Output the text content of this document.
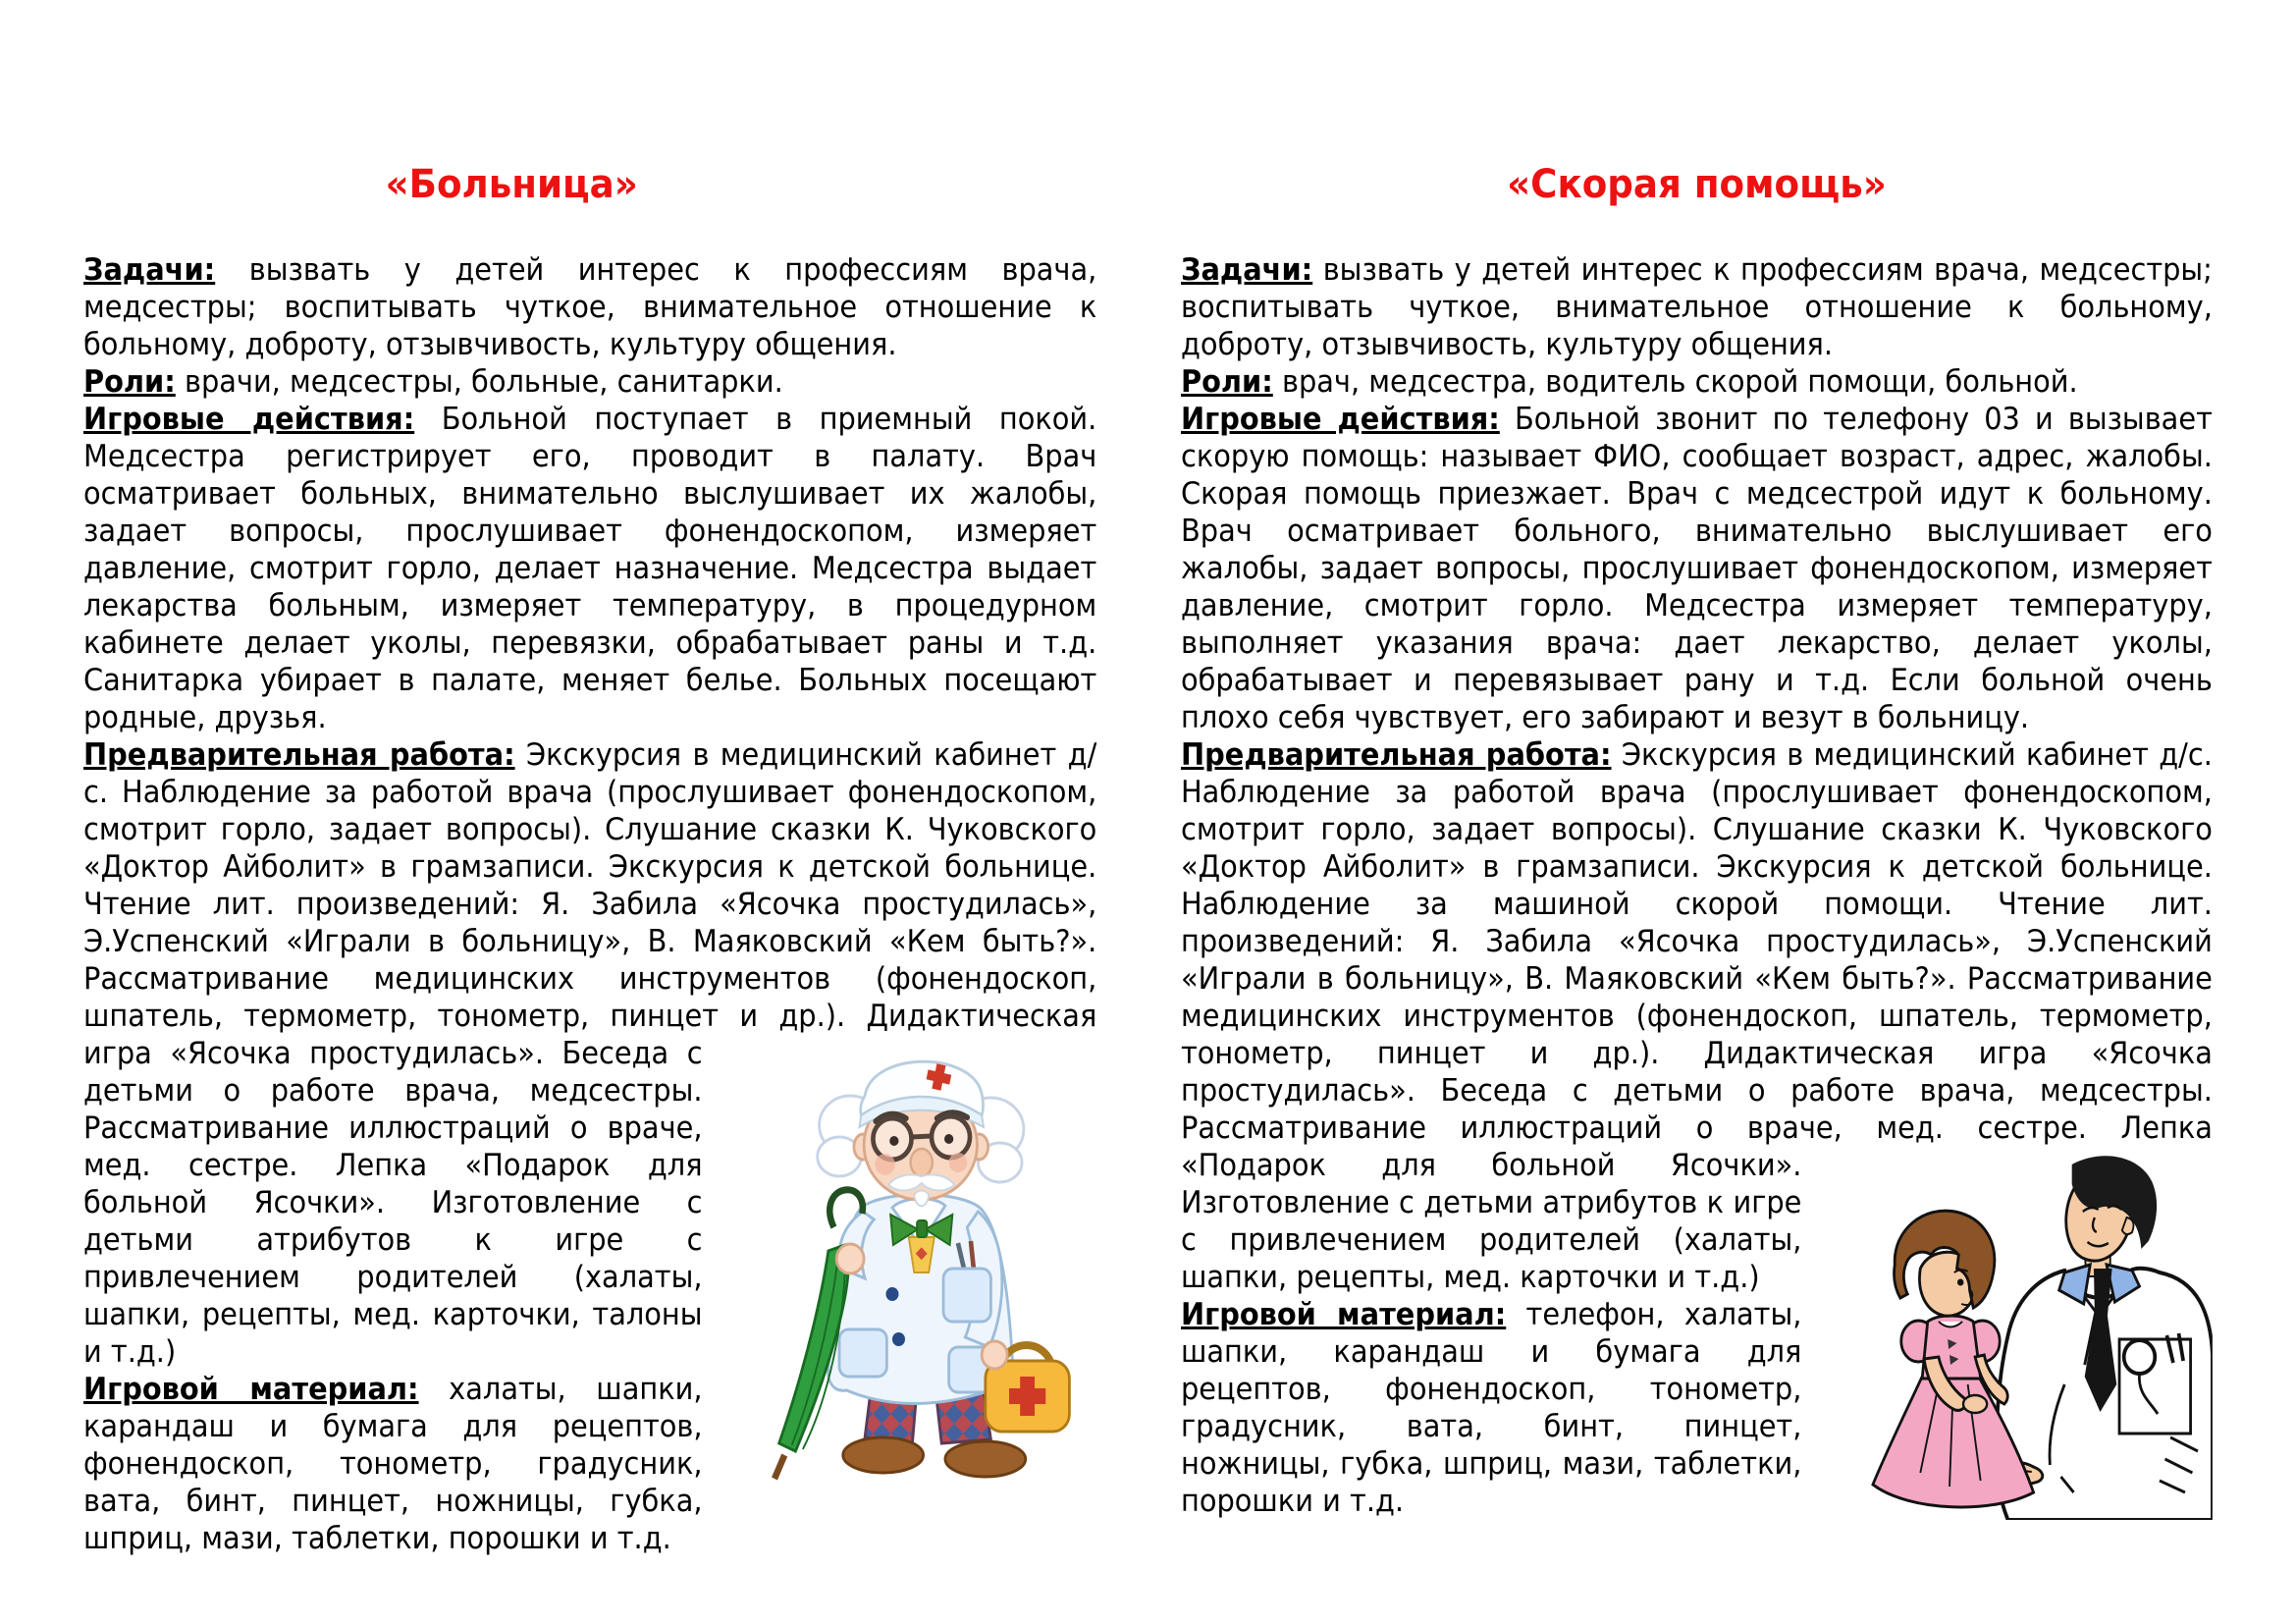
«Больница»

Задачи: вызвать у детей интерес к профессиям врача, медсестры; воспитывать чуткое, внимательное отношение к больному, доброту, отзывчивость, культуру общения.

Роли: врачи, медсестры, больные, санитарки.

Игровые действия: Больной поступает в приемный покой. Медсестра регистрирует его, проводит в палату. Врач осматривает больных, внимательно выслушивает их жалобы, задает вопросы, прослушивает фонендоскопом, измеряет давление, смотрит горло, делает назначение. Медсестра выдает лекарства больным, измеряет температуру, в процедурном кабинете делает уколы, перевязки, обрабатывает раны и т.д. Санитарка убирает в палате, меняет белье. Больных посещают родные, друзья.

Предварительная работа: Экскурсия в медицинский кабинет д/с. Наблюдение за работой врача (прослушивает фонендоскопом, смотрит горло, задает вопросы). Слушание сказки К. Чуковского «Доктор Айболит» в грамзаписи. Экскурсия к детской больнице. Чтение лит. произведений: Я. Забила «Ясочка простудилась», Э.Успенский «Играли в больницу», В. Маяковский «Кем быть?». Рассматривание медицинских инструментов (фонендоскоп, шпатель, термометр, тонометр, пинцет и др.). Дидактическая игра «Ясочка простудилась». Беседа с детьми о работе врача, медсестры. Рассматривание иллюстраций о враче, мед. сестре. Лепка «Подарок для больной Ясочки». Изготовление с детьми атрибутов к игре с привлечением родителей (халаты, шапки, рецепты, мед. карточки, талоны и т.д.)

Игровой материал: халаты, шапки, карандаш и бумага для рецептов, фонендоскоп, тонометр, градусник, вата, бинт, пинцет, ножницы, губка, шприц, мази, таблетки, порошки и т.д.

«Скорая помощь»

Задачи: вызвать у детей интерес к профессиям врача, медсестры; воспитывать чуткое, внимательное отношение к больному, доброту, отзывчивость, культуру общения.

Роли: врач, медсестра, водитель скорой помощи, больной.

Игровые действия: Больной звонит по телефону 03 и вызывает скорую помощь: называет ФИО, сообщает возраст, адрес, жалобы. Скорая помощь приезжает. Врач с медсестрой идут к больному. Врач осматривает больного, внимательно выслушивает его жалобы, задает вопросы, прослушивает фонендоскопом, измеряет давление, смотрит горло. Медсестра измеряет температуру, выполняет указания врача: дает лекарство, делает уколы, обрабатывает и перевязывает рану и т.д. Если больной очень плохо себя чувствует, его забирают и везут в больницу.

Предварительная работа: Экскурсия в медицинский кабинет д/с. Наблюдение за работой врача (прослушивает фонендоскопом, смотрит горло, задает вопросы). Слушание сказки К. Чуковского «Доктор Айболит» в грамзаписи. Экскурсия к детской больнице. Наблюдение за машиной скорой помощи. Чтение лит. произведений: Я. Забила «Ясочка простудилась», Э.Успенский «Играли в больницу», В. Маяковский «Кем быть?». Рассматривание медицинских инструментов (фонендоскоп, шпатель, термометр, тонометр, пинцет и др.). Дидактическая игра «Ясочка простудилась». Беседа с детьми о работе врача, медсестры. Рассматривание иллюстраций о враче, мед. сестре. Лепка «Подарок для больной Ясочки». Изготовление с детьми атрибутов к игре с привлечением родителей (халаты, шапки, рецепты, мед. карточки и т.д.)

Игровой материал: телефон, халаты, шапки, карандаш и бумага для рецептов, фонендоскоп, тонометр, градусник, вата, бинт, пинцет, ножницы, губка, шприц, мази, таблетки, порошки и т.д.
